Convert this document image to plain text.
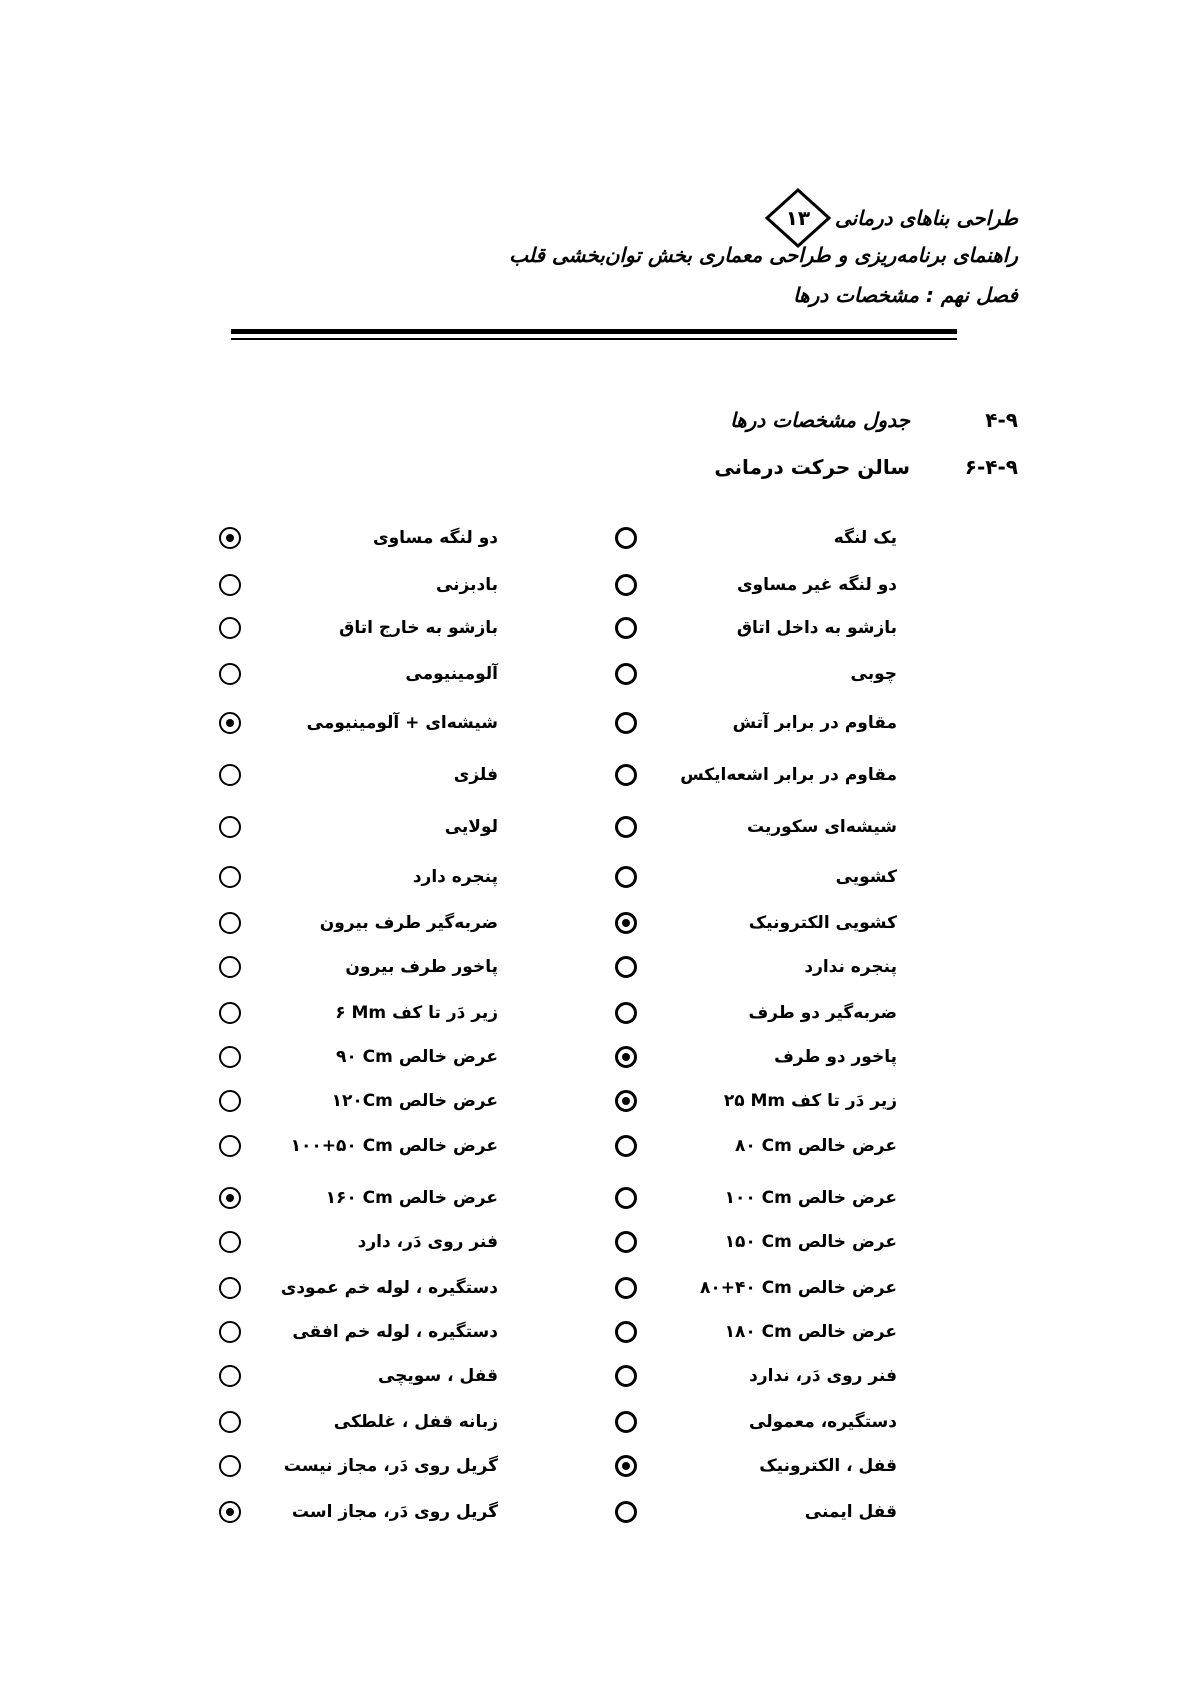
طراحی بناهای درمانی
۱۳
راهنمای برنامه‌ریزی و طراحی معماری بخش توان‌بخشی قلب
فصل نهم : مشخصات درها
۴-۹
جدول مشخصات درها
۶-۴-۹
سالن حرکت درمانی
یک لنگه
دو لنگه غیر مساوی
بازشو به داخل اتاق
چوبی
مقاوم در برابر آتش
مقاوم در برابر اشعه‌ایکس
شیشه‌ای سکوریت
کشویی
کشویی الکترونیک
پنجره ندارد
ضربه‌گیر دو طرف
پاخور دو طرف
زیر دَر تا کف ۲۵ Mm
عرض خالص ۸۰ Cm
عرض خالص ۱۰۰ Cm
عرض خالص ۱۵۰ Cm
عرض خالص ۸۰+۴۰ Cm
عرض خالص ۱۸۰ Cm
فنر روی دَر، ندارد
دستگیره، معمولی
قفل ، الکترونیک
قفل ایمنی
دو لنگه مساوی
بادبزنی
بازشو به خارج اتاق
آلومینیومی
شیشه‌ای + آلومینیومی
فلزی
لولایی
پنجره دارد
ضربه‌گیر طرف بیرون
پاخور طرف بیرون
زیر دَر تا کف ۶ Mm
عرض خالص ۹۰ Cm
عرض خالص ۱۲۰Cm
عرض خالص ۱۰۰+۵۰ Cm
عرض خالص ۱۶۰ Cm
فنر روی دَر، دارد
دستگیره ، لوله خم عمودی
دستگیره ، لوله خم افقی
قفل ، سویچی
زبانه قفل ، غلطکی
گریل روی دَر، مجاز نیست
گریل روی دَر، مجاز است
